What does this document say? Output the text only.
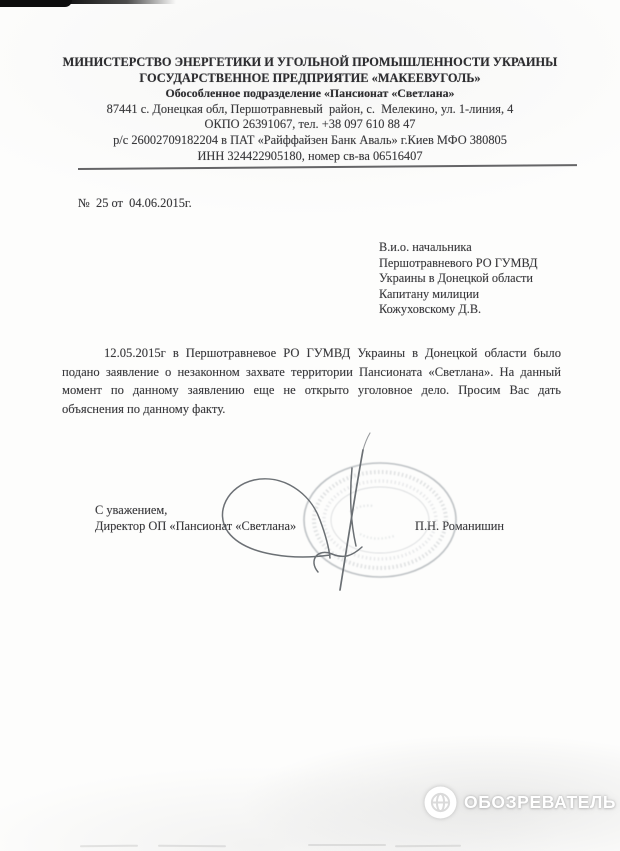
МИНИСТЕРСТВО ЭНЕРГЕТИКИ И УГОЛЬНОЙ ПРОМЫШЛЕННОСТИ УКРАИНЫ
ГОСУДАРСТВЕННОЕ ПРЕДПРИЯТИЕ «МАКЕЕВУГОЛЬ»
Обособленное подразделение «Пансионат «Светлана»
87441 с. Донецкая обл, Першотравневый  район, с.  Мелекино, ул. 1-линия, 4
ОКПО 26391067, тел. +38 097 610 88 47
р/с 26002709182204 в ПАТ «Райффайзен Банк Аваль» г.Киев МФО 380805
ИНН 324422905180, номер св-ва 06516407
№  25 от  04.06.2015г.
В.и.о. начальника
Першотравневого РО ГУМВД
Украины в Донецкой области
Капитану милиции
Кожуховскому Д.В.

12.05.2015г в Першотравневое РО ГУМВД Украины в Донецкой области было подано заявление о незаконном захвате территории Пансионата «Светлана». На данный момент по данному заявлению еще не открыто уголовное дело. Просим Вас дать объяснения по данному факту.

С уважением,
Директор ОП «Пансионат «Светлана»	П.Н. Романишин
ОБОЗРЕВАТЕЛЬ
